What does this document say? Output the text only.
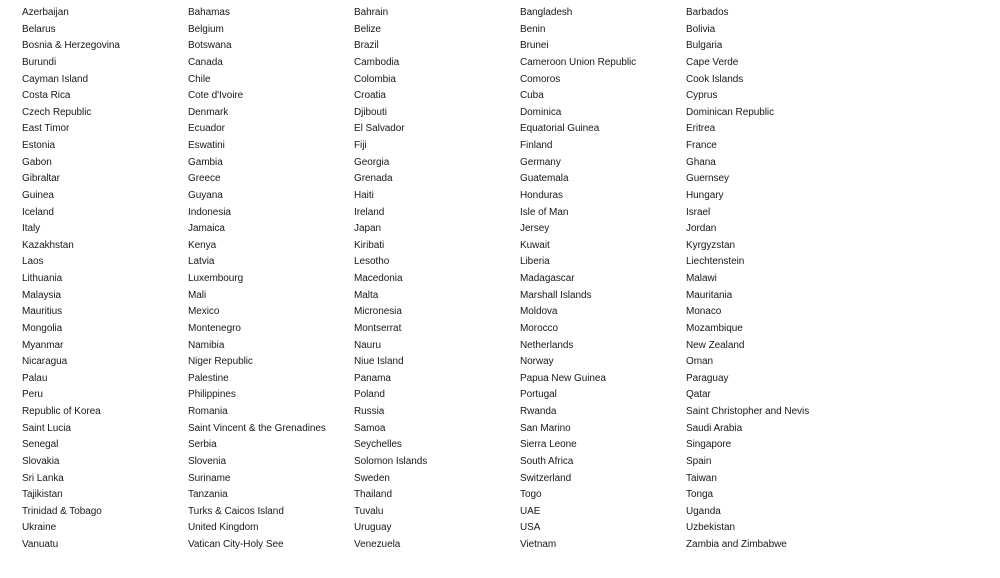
Azerbaijan	Bahamas	Bahrain	Bangladesh	Barbados
Belarus	Belgium	Belize	Benin	Bolivia
Bosnia & Herzegovina	Botswana	Brazil	Brunei	Bulgaria
Burundi	Canada	Cambodia	Cameroon Union Republic	Cape Verde
Cayman Island	Chile	Colombia	Comoros	Cook Islands
Costa Rica	Cote d'Ivoire	Croatia	Cuba	Cyprus
Czech Republic	Denmark	Djibouti	Dominica	Dominican Republic
East Timor	Ecuador	El Salvador	Equatorial Guinea	Eritrea
Estonia	Eswatini	Fiji	Finland	France
Gabon	Gambia	Georgia	Germany	Ghana
Gibraltar	Greece	Grenada	Guatemala	Guernsey
Guinea	Guyana	Haiti	Honduras	Hungary
Iceland	Indonesia	Ireland	Isle of Man	Israel
Italy	Jamaica	Japan	Jersey	Jordan
Kazakhstan	Kenya	Kiribati	Kuwait	Kyrgyzstan
Laos	Latvia	Lesotho	Liberia	Liechtenstein
Lithuania	Luxembourg	Macedonia	Madagascar	Malawi
Malaysia	Mali	Malta	Marshall Islands	Mauritania
Mauritius	Mexico	Micronesia	Moldova	Monaco
Mongolia	Montenegro	Montserrat	Morocco	Mozambique
Myanmar	Namibia	Nauru	Netherlands	New Zealand
Nicaragua	Niger Republic	Niue Island	Norway	Oman
Palau	Palestine	Panama	Papua New Guinea	Paraguay
Peru	Philippines	Poland	Portugal	Qatar
Republic of Korea	Romania	Russia	Rwanda	Saint Christopher and Nevis
Saint Lucia	Saint Vincent & the Grenadines	Samoa	San Marino	Saudi Arabia
Senegal	Serbia	Seychelles	Sierra Leone	Singapore
Slovakia	Slovenia	Solomon Islands	South Africa	Spain
Sri Lanka	Suriname	Sweden	Switzerland	Taiwan
Tajikistan	Tanzania	Thailand	Togo	Tonga
Trinidad & Tobago	Turks & Caicos Island	Tuvalu	UAE	Uganda
Ukraine	United Kingdom	Uruguay	USA	Uzbekistan
Vanuatu	Vatican City-Holy See	Venezuela	Vietnam	Zambia and Zimbabwe
